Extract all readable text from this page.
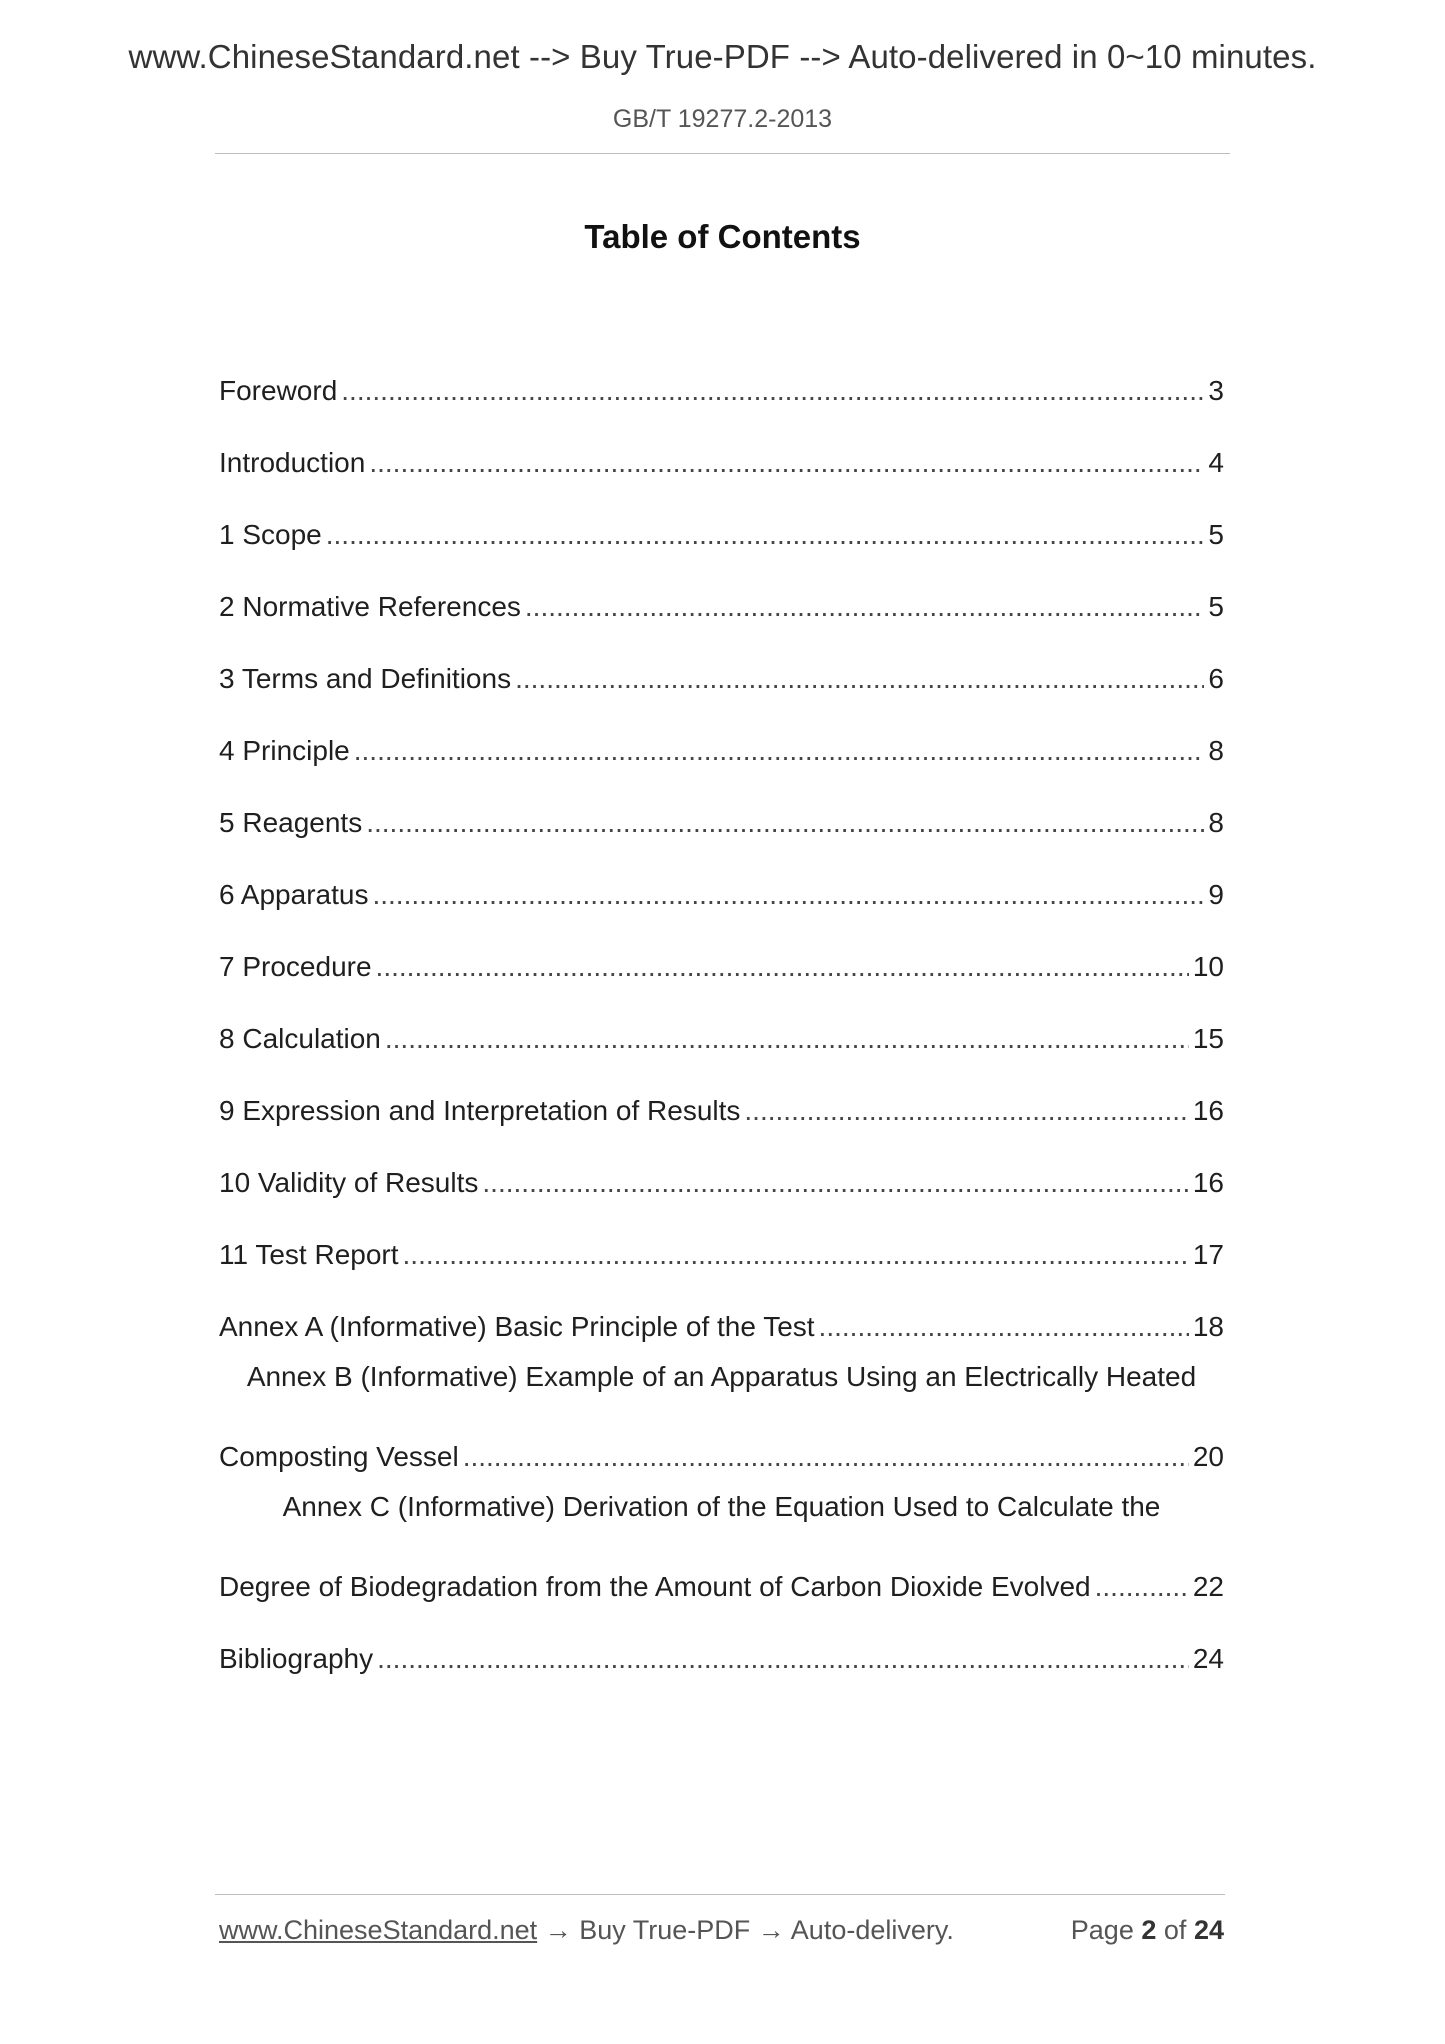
www.ChineseStandard.net --> Buy True-PDF --> Auto-delivered in 0~10 minutes.
GB/T 19277.2-2013
Table of Contents
Foreword .....	3
Introduction .....	4
1 Scope .....	5
2 Normative References .....	5
3 Terms and Definitions .....	6
4 Principle .....	8
5 Reagents .....	8
6 Apparatus .....	9
7 Procedure .....	10
8 Calculation .....	15
9 Expression and Interpretation of Results .....	16
10 Validity of Results .....	16
11 Test Report .....	17
Annex A (Informative) Basic Principle of the Test .....	18
Annex B (Informative) Example of an Apparatus Using an Electrically Heated
Composting Vessel .....	20
Annex C (Informative) Derivation of the Equation Used to Calculate the
Degree of Biodegradation from the Amount of Carbon Dioxide Evolved .....	22
Bibliography .....	24
www.ChineseStandard.net → Buy True-PDF → Auto-delivery.	Page 2 of 24
